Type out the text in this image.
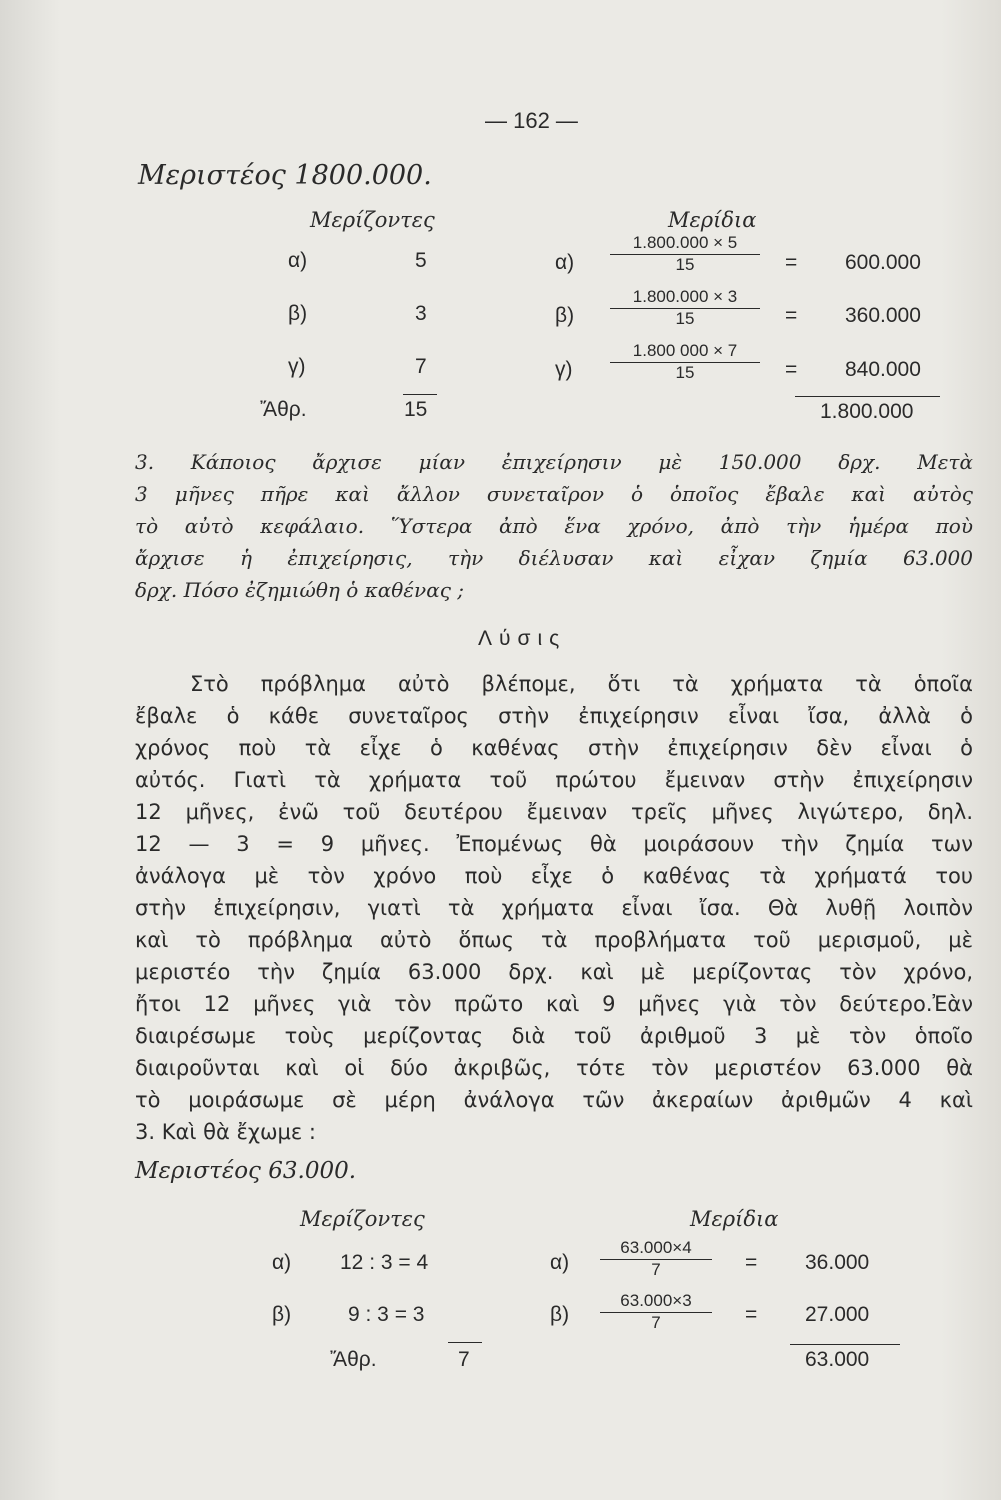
— 162 —
Μεριστέος 1800.000.
Μερίζοντες	Μερίδια
α)	5	$\alpha) \frac{1.800.000 \times 5}{15} = 600.000$
β)	3	$\beta) \frac{1.800.000 \times 3}{15} = 360.000$
γ)	7	$\gamma) \frac{1.800 000 \times 7}{15} = 840.000$
Ἄθρ.	15	1.800.000
3. Κάποιος ἄρχισε μίαν ἐπιχείρησιν μὲ 150.000 δρχ. Μετὰ
3 μῆνες πῆρε καὶ ἄλλον συνεταῖρον ὁ ὁποῖος ἔβαλε καὶ αὐτὸς
τὸ αὐτὸ κεφάλαιο. Ὕστερα ἀπὸ ἕνα χρόνο, ἀπὸ τὴν ἡμέρα ποὺ
ἄρχισε ἡ ἐπιχείρησις, τὴν διέλυσαν καὶ εἶχαν ζημία 63.000
δρχ. Πόσο ἐζημιώθη ὁ καθένας ;
Λύσις
Στὸ πρόβλημα αὐτὸ βλέπομε, ὅτι τὰ χρήματα τὰ ὁποῖα
ἔβαλε ὁ κάθε συνεταῖρος στὴν ἐπιχείρησιν εἶναι ἴσα, ἀλλὰ ὁ
χρόνος ποὺ τὰ εἶχε ὁ καθένας στὴν ἐπιχείρησιν δὲν εἶναι ὁ
αὐτός. Γιατὶ τὰ χρήματα τοῦ πρώτου ἔμειναν στὴν ἐπιχείρησιν
12 μῆνες, ἐνῶ τοῦ δευτέρου ἔμειναν τρεῖς μῆνες λιγώτερο, δηλ.
12 — 3 = 9 μῆνες. Ἐπομένως θὰ μοιράσουν τὴν ζημία των
ἀνάλογα μὲ τὸν χρόνο ποὺ εἶχε ὁ καθένας τὰ χρήματά του
στὴν ἐπιχείρησιν, γιατὶ τὰ χρήματα εἶναι ἴσα. Θὰ λυθῇ λοιπὸν
καὶ τὸ πρόβλημα αὐτὸ ὅπως τὰ προβλήματα τοῦ μερισμοῦ, μὲ
μεριστέο τὴν ζημία 63.000 δρχ. καὶ μὲ μερίζοντας τὸν χρόνο,
ἤτοι 12 μῆνες γιὰ τὸν πρῶτο καὶ 9 μῆνες γιὰ τὸν δεύτερο.Ἐὰν
διαιρέσωμε τοὺς μερίζοντας διὰ τοῦ ἀριθμοῦ 3 μὲ τὸν ὁποῖο
διαιροῦνται καὶ οἱ δύο ἀκριβῶς, τότε τὸν μεριστέον 63.000 θὰ
τὸ μοιράσωμε σὲ μέρη ἀνάλογα τῶν ἀκεραίων ἀριθμῶν 4 καὶ
3. Καὶ θὰ ἔχωμε :
Μεριστέος 63.000.
Μερίζοντες	Μερίδια
α) 12 : 3 = 4	$\alpha) \frac{63.000\times 4}{7} = 36.000$
β)	9 : 3 = 3	$\beta) \frac{63.000\times 3}{7} = 27.000$
Ἄθρ.	7	63.000
